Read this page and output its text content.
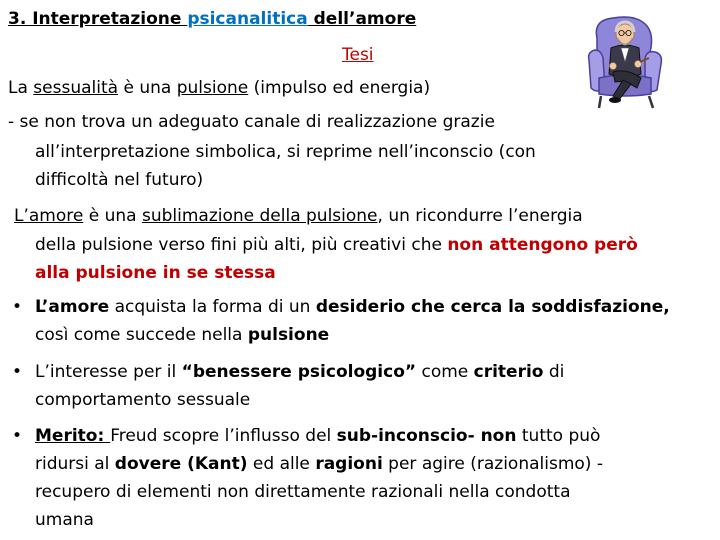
3. Interpretazione psicanalitica dell’amore
Tesi
La sessualità è una pulsione (impulso ed energia)
- se non trova un adeguato canale di realizzazione grazie
all’interpretazione simbolica, si reprime nell’inconscio (con
difficoltà nel futuro)
L’amore è una sublimazione della pulsione, un ricondurre l’energia
della pulsione verso fini più alti, più creativi che non attengono però
alla pulsione in se stessa
• L’amore acquista la forma di un desiderio che cerca la soddisfazione,
così come succede nella pulsione
• L’interesse per il “benessere psicologico” come criterio di
comportamento sessuale
• Merito: Freud scopre l’influsso del sub-inconscio- non tutto può
ridursi al dovere (Kant) ed alle ragioni per agire (razionalismo) -
recupero di elementi non direttamente razionali nella condotta
umana
